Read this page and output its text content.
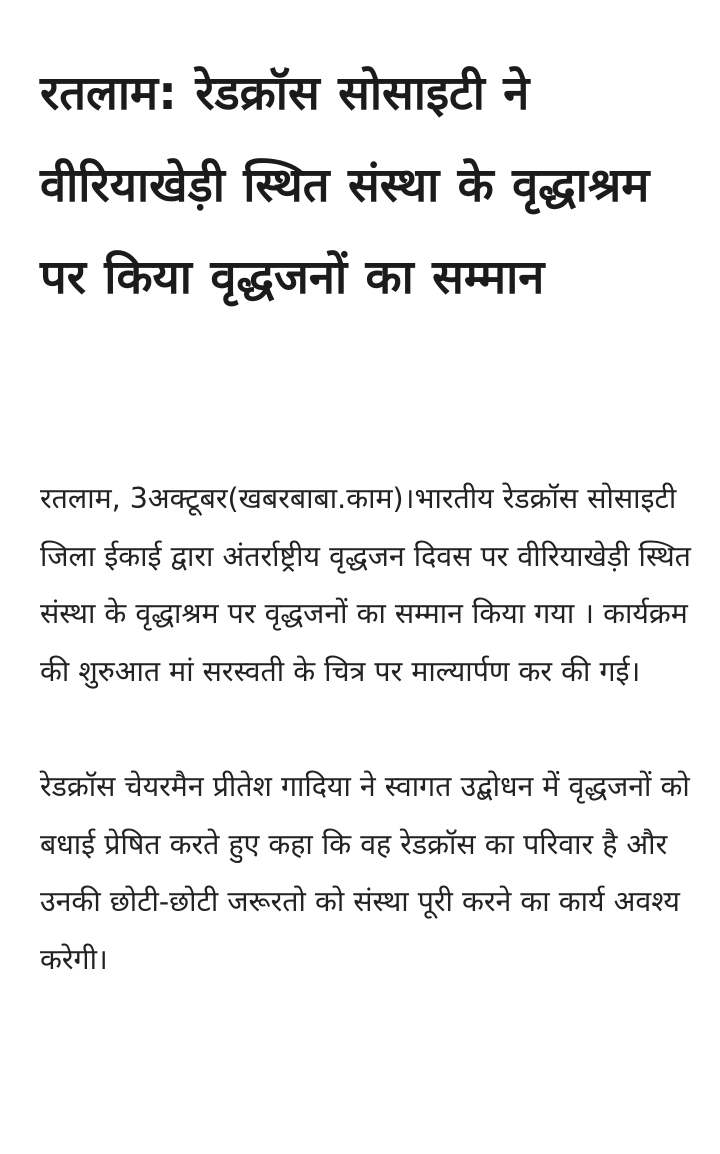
रतलाम: रेडक्रॉस सोसाइटी ने वीरियाखेड़ी स्थित संस्था के वृद्धाश्रम पर किया वृद्धजनों का सम्मान

रतलाम, 3अक्टूबर(खबरबाबा.काम)।भारतीय रेडक्रॉस सोसाइटी जिला ईकाई द्वारा अंतर्राष्ट्रीय वृद्धजन दिवस पर वीरियाखेड़ी स्थित संस्था के वृद्धाश्रम पर वृद्धजनों का सम्मान किया गया । कार्यक्रम की शुरुआत मां सरस्वती के चित्र पर माल्यार्पण कर की गई।

रेडक्रॉस चेयरमैन प्रीतेश गादिया ने स्वागत उद्बोधन में वृद्धजनों को बधाई प्रेषित करते हुए कहा कि वह रेडक्रॉस का परिवार है और उनकी छोटी-छोटी जरूरतो को संस्था पूरी करने का कार्य अवश्य करेगी।
